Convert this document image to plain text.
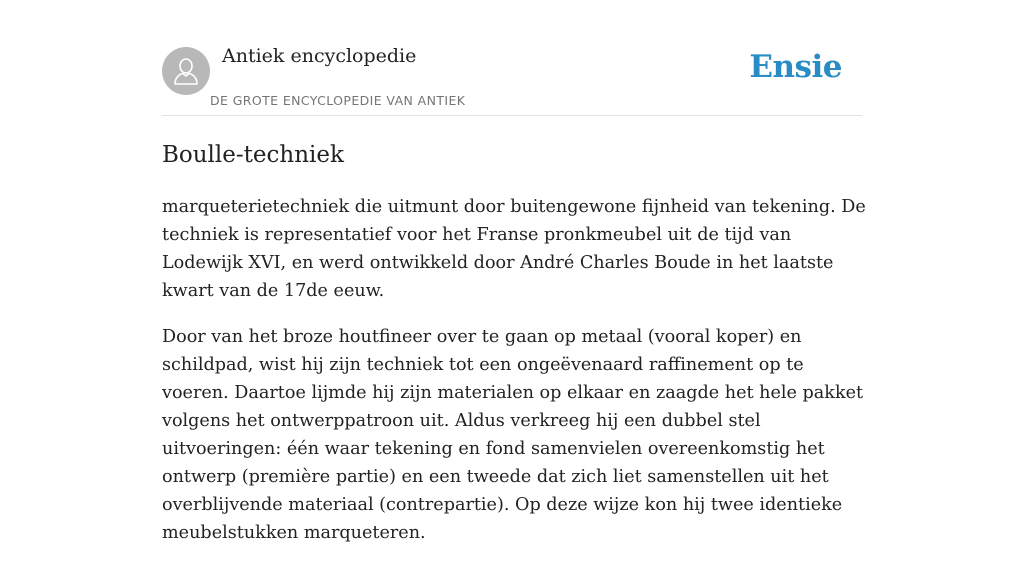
Antiek encyclopedie
DE GROTE ENCYCLOPEDIE VAN ANTIEK
Ensie
Boulle-techniek

marqueterietechniek die uitmunt door buitengewone fijnheid van tekening. De techniek is representatief voor het Franse pronkmeubel uit de tijd van Lodewijk XVI, en werd ontwikkeld door André Charles Boude in het laatste kwart van de 17de eeuw.

Door van het broze houtfineer over te gaan op metaal (vooral koper) en schildpad, wist hij zijn techniek tot een ongeëvenaard raffinement op te voeren. Daartoe lijmde hij zijn materialen op elkaar en zaagde het hele pakket volgens het ontwerppatroon uit. Aldus verkreeg hij een dubbel stel uitvoeringen: één waar tekening en fond samenvielen overeenkomstig het ontwerp (première partie) en een tweede dat zich liet samenstellen uit het overblijvende materiaal (contrepartie). Op deze wijze kon hij twee identieke meubelstukken marqueteren.
